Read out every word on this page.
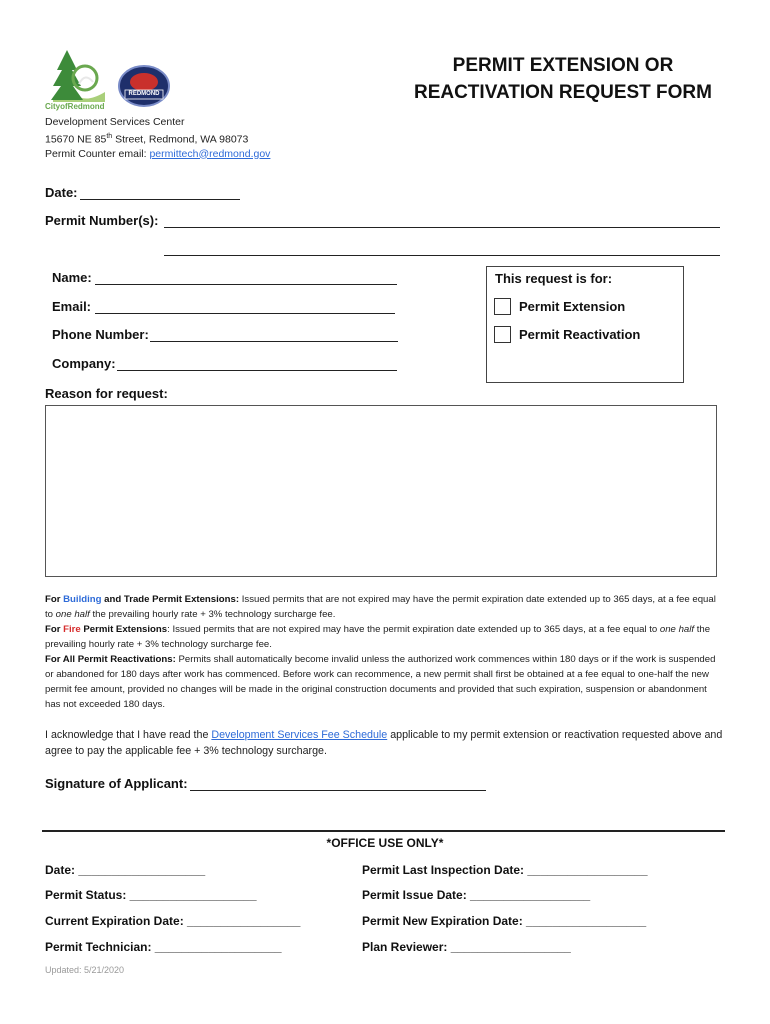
CityofRedmond
REDMOND
PERMIT EXTENSION OR
REACTIVATION REQUEST FORM
Development Services Center
15670 NE 85th Street, Redmond, WA 98073
Permit Counter email: permittech@redmond.gov
Date:
Permit Number(s):
Name:
Email:
Phone Number:
Company:
This request is for:
Permit Extension
Permit Reactivation
Reason for request:
For Building and Trade Permit Extensions: Issued permits that are not expired may have the permit expiration date extended up to 365 days, at a fee equal to one half the prevailing hourly rate + 3% technology surcharge fee.
For Fire Permit Extensions: Issued permits that are not expired may have the permit expiration date extended up to 365 days, at a fee equal to one half the prevailing hourly rate + 3% technology surcharge fee.
For All Permit Reactivations: Permits shall automatically become invalid unless the authorized work commences within 180 days or if the work is suspended or abandoned for 180 days after work has commenced. Before work can recommence, a new permit shall first be obtained at a fee equal to one-half the new permit fee amount, provided no changes will be made in the original construction documents and provided that such expiration, suspension or abandonment has not exceeded 180 days.
I acknowledge that I have read the Development Services Fee Schedule applicable to my permit extension or reactivation requested above and agree to pay the applicable fee + 3% technology surcharge.
Signature of Applicant:
*OFFICE USE ONLY*
Date: ___________________
Permit Status: ___________________
Current Expiration Date: _________________
Permit Technician: ___________________
Permit Last Inspection Date: __________________
Permit Issue Date: __________________
Permit New Expiration Date: __________________
Plan Reviewer: __________________
Updated: 5/21/2020
